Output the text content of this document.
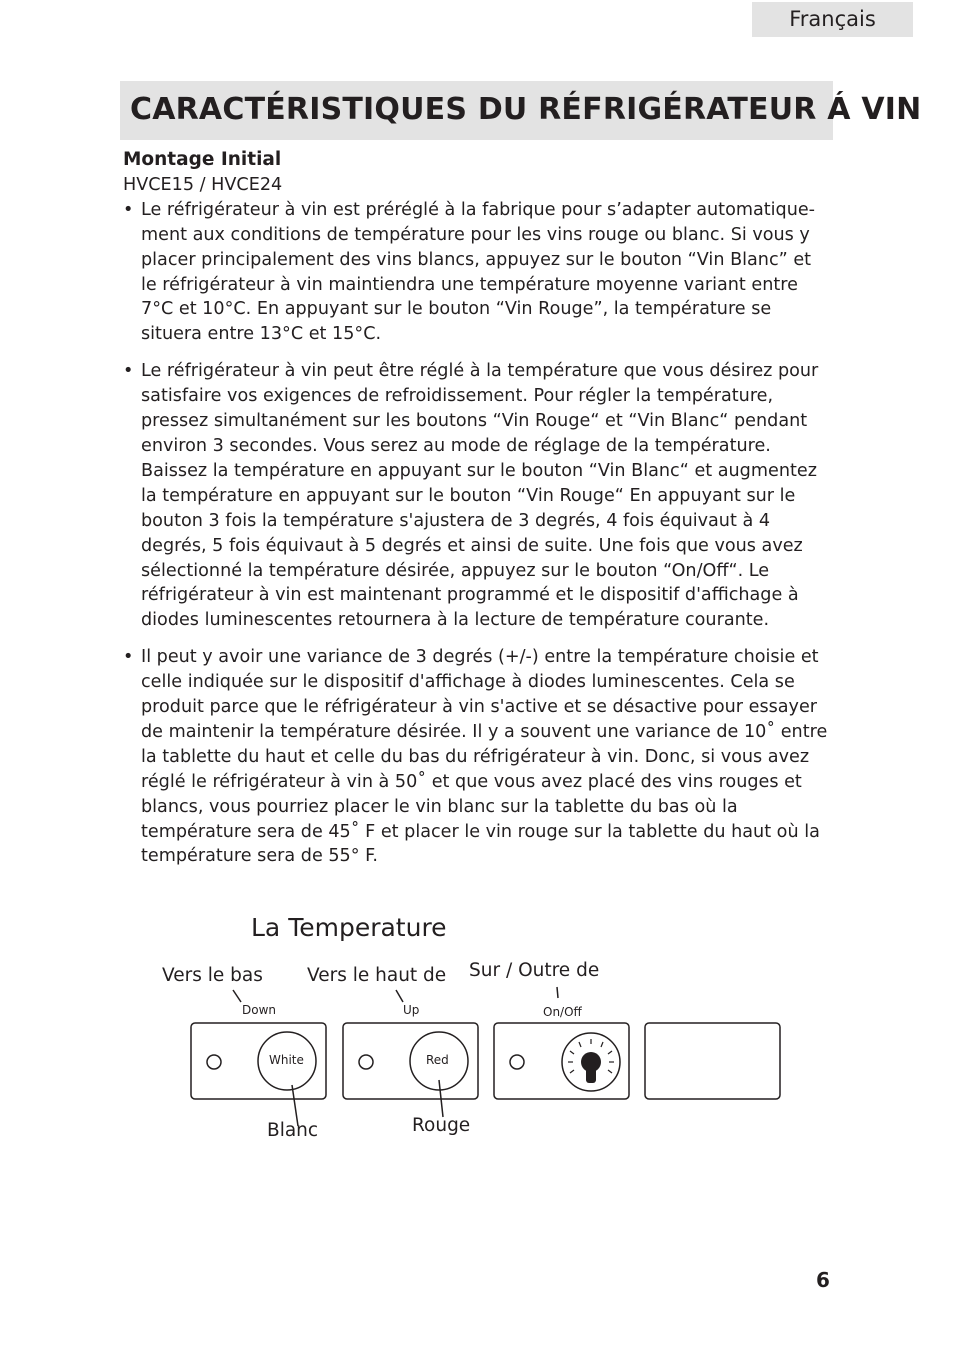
Français
CARACTÉRISTIQUES DU RÉFRIGÉRATEUR Á VIN
Montage Initial
HVCE15 / HVCE24
• Le réfrigérateur à vin est préréglé à la fabrique pour s’adapter automatique- ment aux conditions de température pour les vins rouge ou blanc. Si vous y placer principalement des vins blancs, appuyez sur le bouton “Vin Blanc” et le réfrigérateur à vin maintiendra une température moyenne variant entre 7°C et 10°C. En appuyant sur le bouton “Vin Rouge”, la température se situera entre 13°C et 15°C.
• Le réfrigérateur à vin peut être réglé à la température que vous désirez pour satisfaire vos exigences de refroidissement. Pour régler la température, pressez simultanément sur les boutons “Vin Rouge“ et “Vin Blanc“ pendant environ 3 secondes. Vous serez au mode de réglage de la température. Baissez la température en appuyant sur le bouton “Vin Blanc“ et augmentez la température en appuyant sur le bouton “Vin Rouge“ En appuyant sur le bouton 3 fois la température s'ajustera de 3 degrés, 4 fois équivaut à 4 degrés, 5 fois équivaut à 5 degrés et ainsi de suite. Une fois que vous avez sélectionné la température désirée, appuyez sur le bouton “On/Off“. Le réfrigérateur à vin est maintenant programmé et le dispositif d'affichage à diodes luminescentes retournera à la lecture de température courante.
• Il peut y avoir une variance de 3 degrés (+/-) entre la température choisie et celle indiquée sur le dispositif d'affichage à diodes luminescentes. Cela se produit parce que le réfrigérateur à vin s'active et se désactive pour essayer de maintenir la température désirée. Il y a souvent une variance de 10˚ entre la tablette du haut et celle du bas du réfrigérateur à vin. Donc, si vous avez réglé le réfrigérateur à vin à 50˚ et que vous avez placé des vins rouges et blancs, vous pourriez placer le vin blanc sur la tablette du bas où la température sera de 45˚ F et placer le vin rouge sur la tablette du haut où la température sera de 55° F.
La Temperature
Vers le bas Vers le haut de Sur / Outre de
Down	Up	On/Off
White	Red
Blanc	Rouge
6
